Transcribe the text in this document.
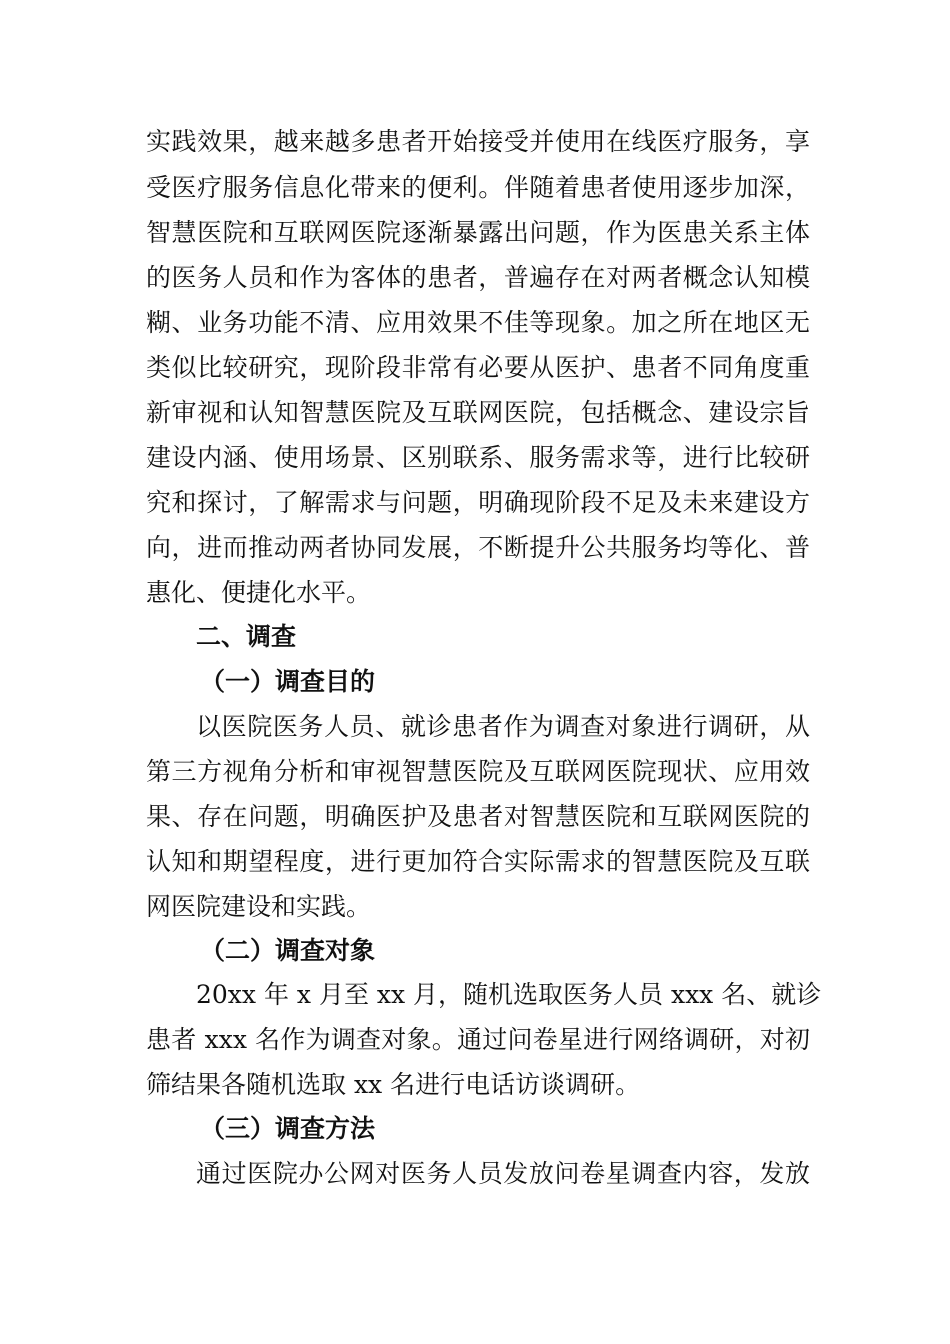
实践效果，越来越多患者开始接受并使用在线医疗服务，享
受医疗服务信息化带来的便利。伴随着患者使用逐步加深，
智慧医院和互联网医院逐渐暴露出问题，作为医患关系主体
的医务人员和作为客体的患者，普遍存在对两者概念认知模
糊、业务功能不清、应用效果不佳等现象。加之所在地区无
类似比较研究，现阶段非常有必要从医护、患者不同角度重
新审视和认知智慧医院及互联网医院，包括概念、建设宗旨
建设内涵、使用场景、区别联系、服务需求等，进行比较研
究和探讨，了解需求与问题，明确现阶段不足及未来建设方
向，进而推动两者协同发展，不断提升公共服务均等化、普
惠化、便捷化水平。
二、调查
（一）调查目的
以医院医务人员、就诊患者作为调查对象进行调研，从
第三方视角分析和审视智慧医院及互联网医院现状、应用效
果、存在问题，明确医护及患者对智慧医院和互联网医院的
认知和期望程度，进行更加符合实际需求的智慧医院及互联
网医院建设和实践。
（二）调查对象
20xx 年 x 月至 xx 月，随机选取医务人员 xxx 名、就诊
患者 xxx 名作为调查对象。通过问卷星进行网络调研，对初
筛结果各随机选取 xx 名进行电话访谈调研。
（三）调查方法
通过医院办公网对医务人员发放问卷星调查内容，发放
